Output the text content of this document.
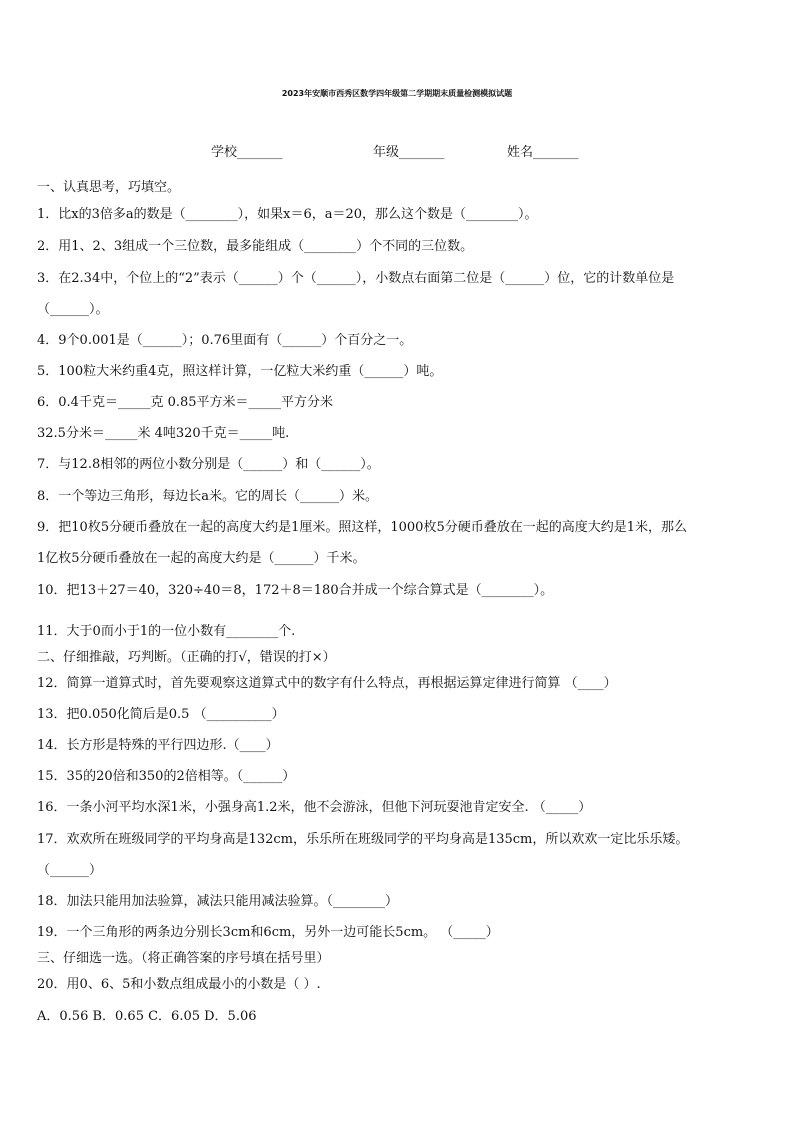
2023年安顺市西秀区数学四年级第二学期期末质量检测模拟试题
学校_______	年级_______	姓名_______
一、认真思考，巧填空。
1．比x的3倍多a的数是（________），如果x＝6，a＝20，那么这个数是（________）。
2．用1、2、3组成一个三位数，最多能组成（________）个不同的三位数。
3．在2.34中，个位上的“2”表示（______）个（______），小数点右面第二位是（______）位，它的计数单位是
（______）。
4．9个0.001是（______）；0.76里面有（______）个百分之一。
5．100粒大米约重4克，照这样计算，一亿粒大米约重（______）吨。
6．0.4千克＝_____克 0.85平方米＝_____平方分米
32.5分米＝_____米 4吨320千克＝_____吨.
7．与12.8相邻的两位小数分别是（______）和（______）。
8．一个等边三角形，每边长a米。它的周长（______）米。
9．把10枚5分硬币叠放在一起的高度大约是1厘米。照这样，1000枚5分硬币叠放在一起的高度大约是1米，那么
1亿枚5分硬币叠放在一起的高度大约是（______）千米。
10．把13＋27＝40，320÷40＝8，172＋8＝180合并成一个综合算式是（________）。
11．大于0而小于1的一位小数有________个.
二、仔细推敲，巧判断。（正确的打√，错误的打×）
12．简算一道算式时，首先要观察这道算式中的数字有什么特点，再根据运算定律进行简算 （____）
13．把0.050化简后是0.5 （__________）
14．长方形是特殊的平行四边形.（____）
15．35的20倍和350的2倍相等。（______）
16．一条小河平均水深1米，小强身高1.2米，他不会游泳，但他下河玩耍池肯定安全. （_____）
17．欢欢所在班级同学的平均身高是132cm，乐乐所在班级同学的平均身高是135cm，所以欢欢一定比乐乐矮。
（______）
18．加法只能用加法验算，减法只能用减法验算。（________）
19．一个三角形的两条边分别长3cm和6cm，另外一边可能长5cm。 （_____）
三、仔细选一选。（将正确答案的序号填在括号里）
20．用0、6、5和小数点组成最小的小数是（ ）.
A．0.56 B．0.65 C．6.05 D．5.06
